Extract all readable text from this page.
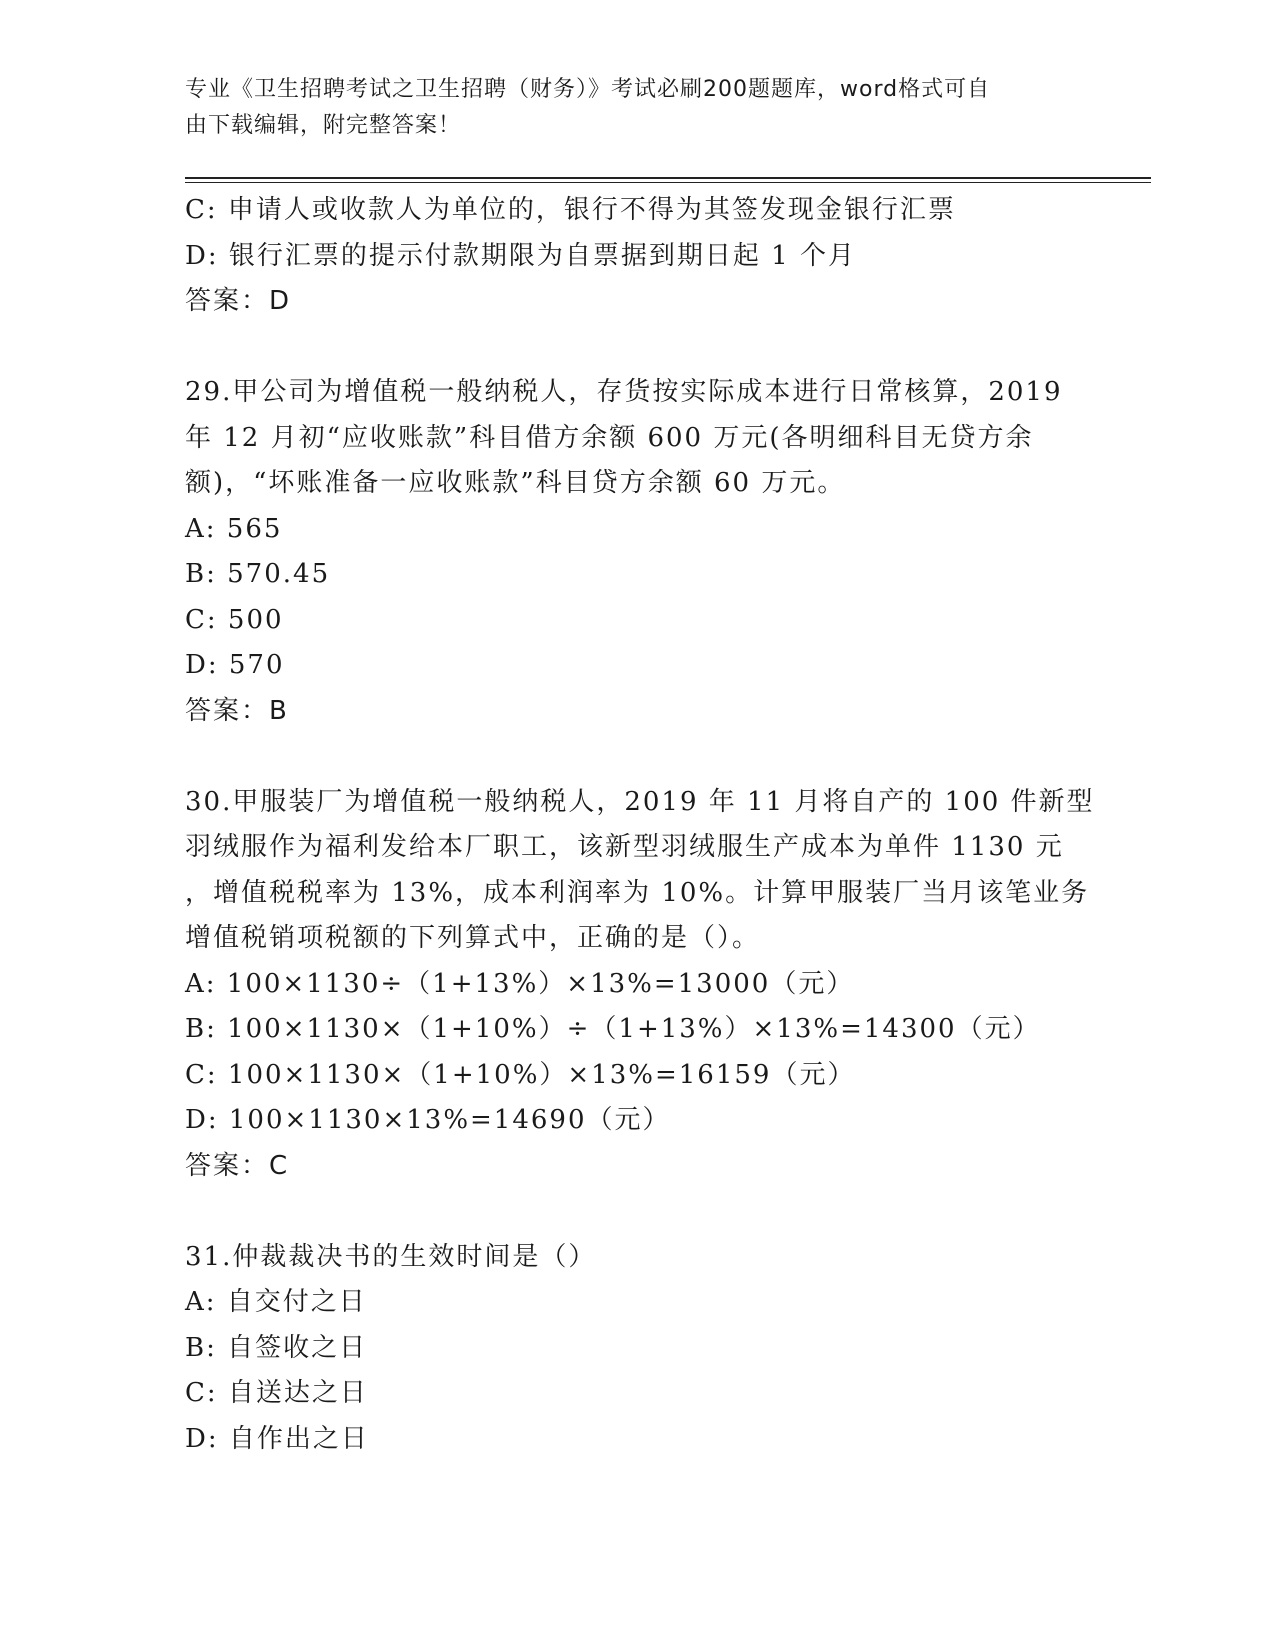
专业《卫生招聘考试之卫生招聘（财务）》考试必刷200题题库，word格式可自
由下载编辑，附完整答案！
C: 申请人或收款人为单位的，银行不得为其签发现金银行汇票
D: 银行汇票的提示付款期限为自票据到期日起 1 个月
答案：D
29.甲公司为增值税一般纳税人，存货按实际成本进行日常核算，2019
年 12 月初“应收账款”科目借方余额 600 万元(各明细科目无贷方余
额)，“坏账准备一应收账款”科目贷方余额 60 万元。
A: 565
B: 570.45
C: 500
D: 570
答案：B
30.甲服装厂为增值税一般纳税人，2019 年 11 月将自产的 100 件新型
羽绒服作为福利发给本厂职工，该新型羽绒服生产成本为单件 1130 元
，增值税税率为 13%，成本利润率为 10%。计算甲服装厂当月该笔业务
增值税销项税额的下列算式中，正确的是（）。
A: 100×1130÷（1+13%）×13%=13000（元）
B: 100×1130×（1+10%）÷（1+13%）×13%=14300（元）
C: 100×1130×（1+10%）×13%=16159（元）
D: 100×1130×13%=14690（元）
答案：C
31.仲裁裁决书的生效时间是（）
A: 自交付之日
B: 自签收之日
C: 自送达之日
D: 自作出之日
